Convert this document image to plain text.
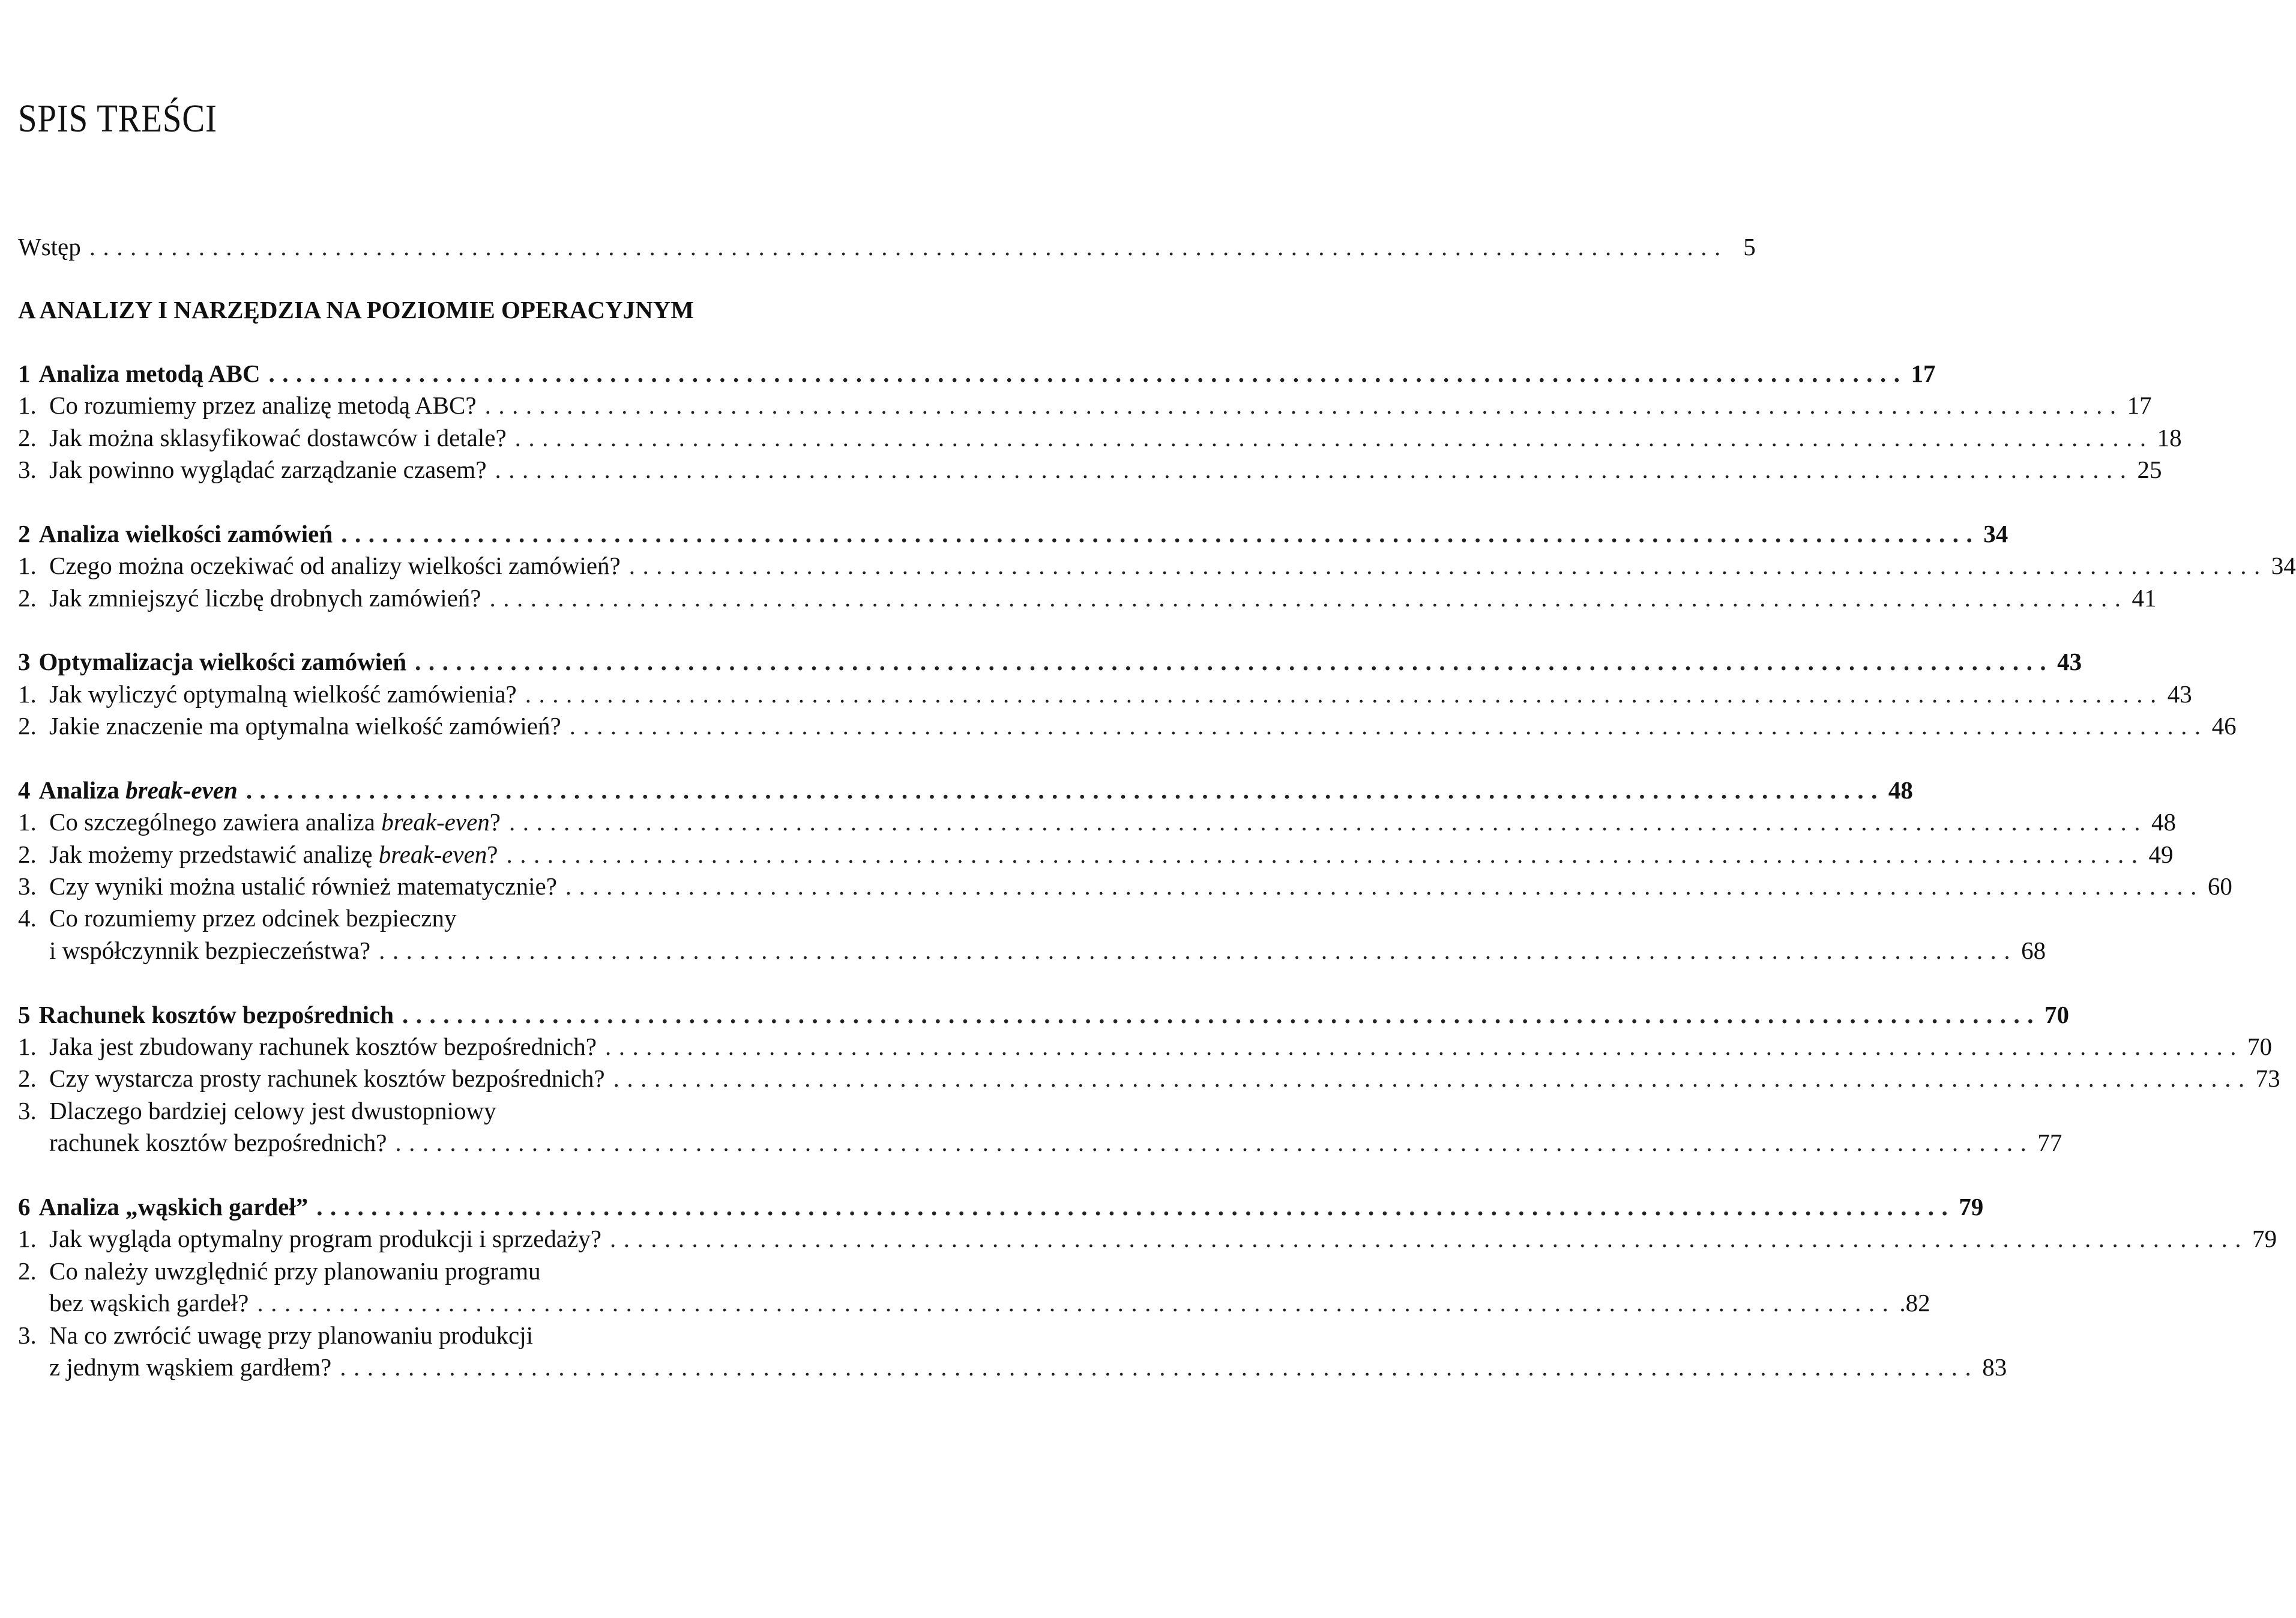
SPIS TREŚCI
Wstęp ........................................................................................................................ 5
A ANALIZY I NARZĘDZIA NA POZIOMIE OPERACYJNYM
1 Analiza metodą ABC ........................................................................................................................ 17
1. Co rozumiemy przez analizę metodą ABC? ........................................................................................................................ 17
2. Jak można sklasyfikować dostawców i detale? ........................................................................................................................ 18
3. Jak powinno wyglądać zarządzanie czasem? ........................................................................................................................ 25
2 Analiza wielkości zamówień ........................................................................................................................ 34
1. Czego można oczekiwać od analizy wielkości zamówień? ........................................................................................................................ 34
2. Jak zmniejszyć liczbę drobnych zamówień? ........................................................................................................................ 41
3 Optymalizacja wielkości zamówień ........................................................................................................................ 43
1. Jak wyliczyć optymalną wielkość zamówienia? ........................................................................................................................ 43
2. Jakie znaczenie ma optymalna wielkość zamówień? ........................................................................................................................ 46
4 Analiza break-even ........................................................................................................................ 48
1. Co szczególnego zawiera analiza break-even? ........................................................................................................................ 48
2. Jak możemy przedstawić analizę break-even? ........................................................................................................................ 49
3. Czy wyniki można ustalić również matematycznie? ........................................................................................................................ 60
4. Co rozumiemy przez odcinek bezpieczny
i współczynnik bezpieczeństwa? ........................................................................................................................ 68
5 Rachunek kosztów bezpośrednich ........................................................................................................................ 70
1. Jaka jest zbudowany rachunek kosztów bezpośrednich? ........................................................................................................................ 70
2. Czy wystarcza prosty rachunek kosztów bezpośrednich? ........................................................................................................................ 73
3. Dlaczego bardziej celowy jest dwustopniowy
rachunek kosztów bezpośrednich? ........................................................................................................................ 77
6 Analiza „wąskich gardeł” ........................................................................................................................ 79
1. Jak wygląda optymalny program produkcji i sprzedaży? ........................................................................................................................ 79
2. Co należy uwzględnić przy planowaniu programu
bez wąskich gardeł? ........................................................................................................................ .82
3. Na co zwrócić uwagę przy planowaniu produkcji
z jednym wąskiem gardłem? ........................................................................................................................ 83
